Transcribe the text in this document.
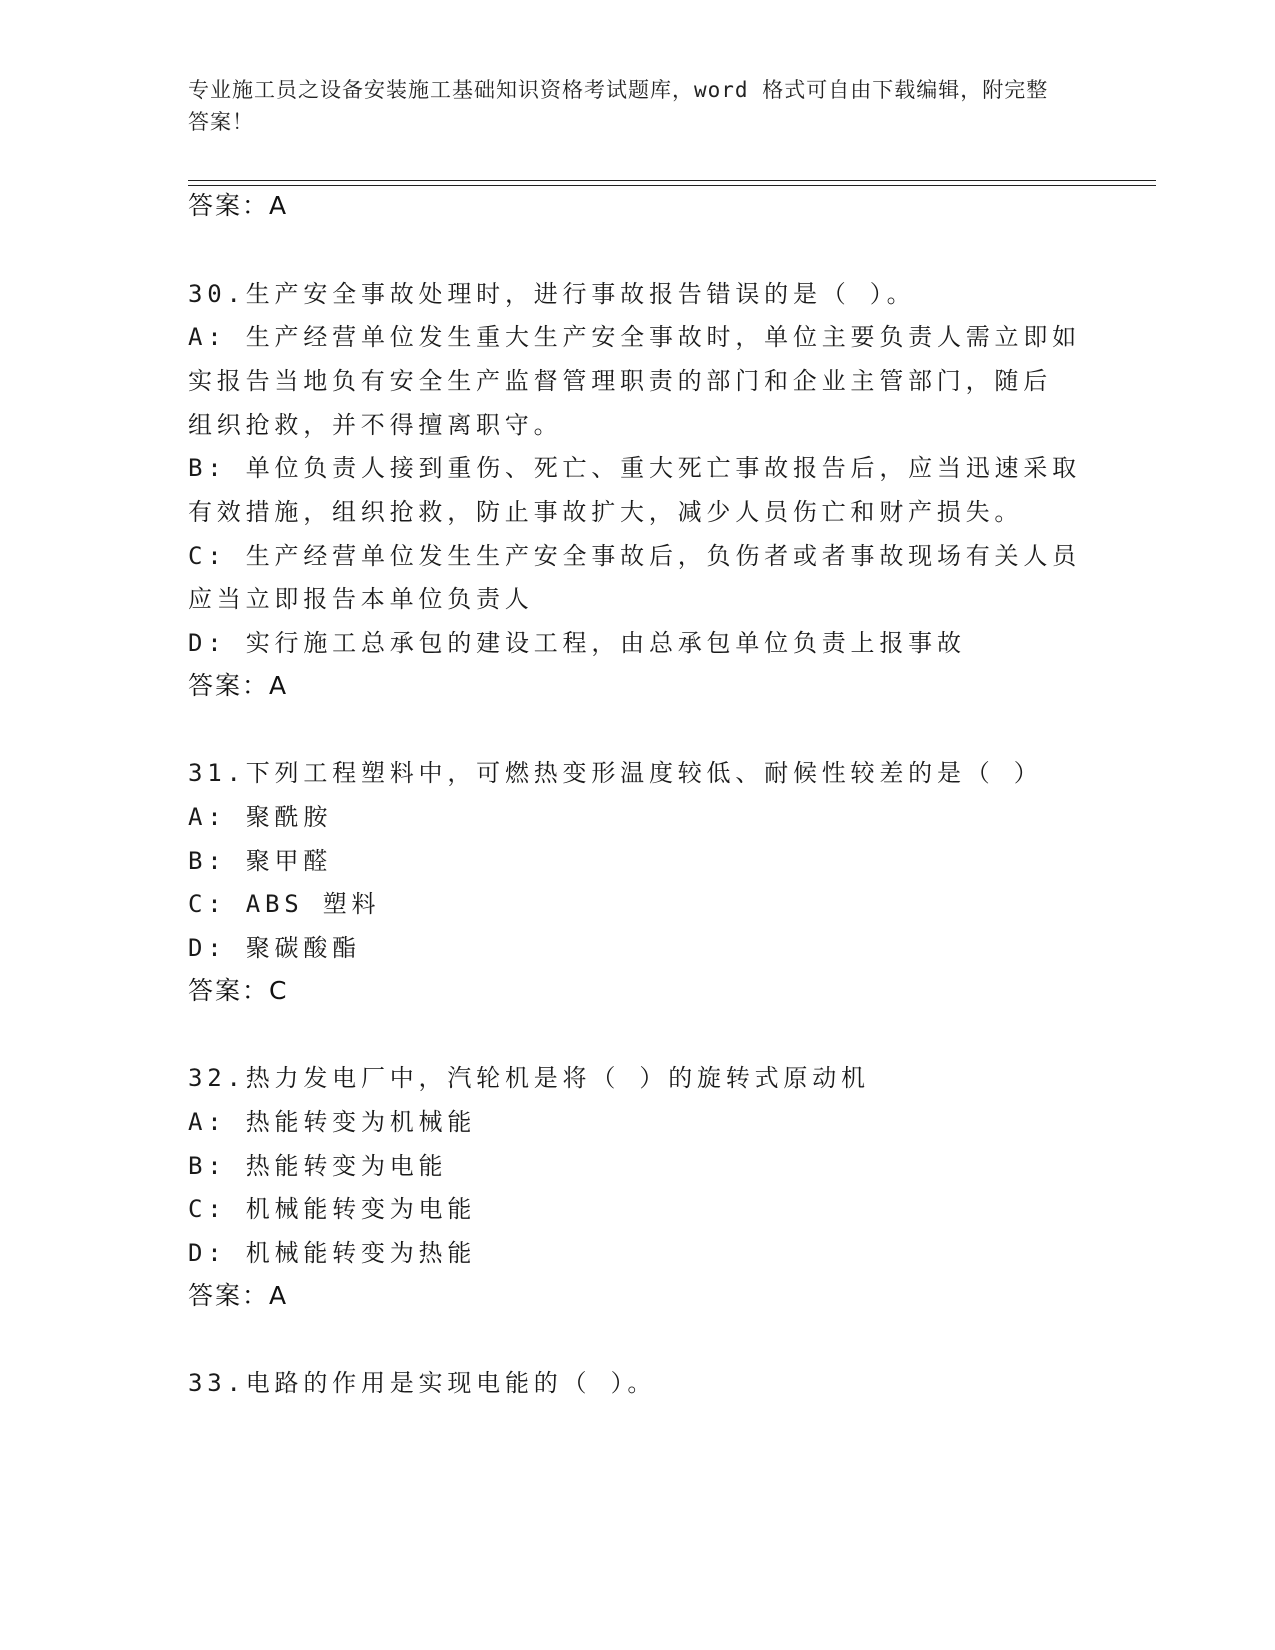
专业施工员之设备安装施工基础知识资格考试题库，word 格式可自由下载编辑，附完整答案！
答案：A
30.生产安全事故处理时，进行事故报告错误的是（ ）。
A: 生产经营单位发生重大生产安全事故时，单位主要负责人需立即如
实报告当地负有安全生产监督管理职责的部门和企业主管部门，随后
组织抢救，并不得擅离职守。
B: 单位负责人接到重伤、死亡、重大死亡事故报告后，应当迅速采取
有效措施，组织抢救，防止事故扩大，减少人员伤亡和财产损失。
C: 生产经营单位发生生产安全事故后，负伤者或者事故现场有关人员
应当立即报告本单位负责人
D: 实行施工总承包的建设工程，由总承包单位负责上报事故
答案：A
31.下列工程塑料中，可燃热变形温度较低、耐候性较差的是（ ）
A: 聚酰胺
B: 聚甲醛
C: ABS 塑料
D: 聚碳酸酯
答案：C
32.热力发电厂中，汽轮机是将（ ）的旋转式原动机
A: 热能转变为机械能
B: 热能转变为电能
C: 机械能转变为电能
D: 机械能转变为热能
答案：A
33.电路的作用是实现电能的（ ）。
